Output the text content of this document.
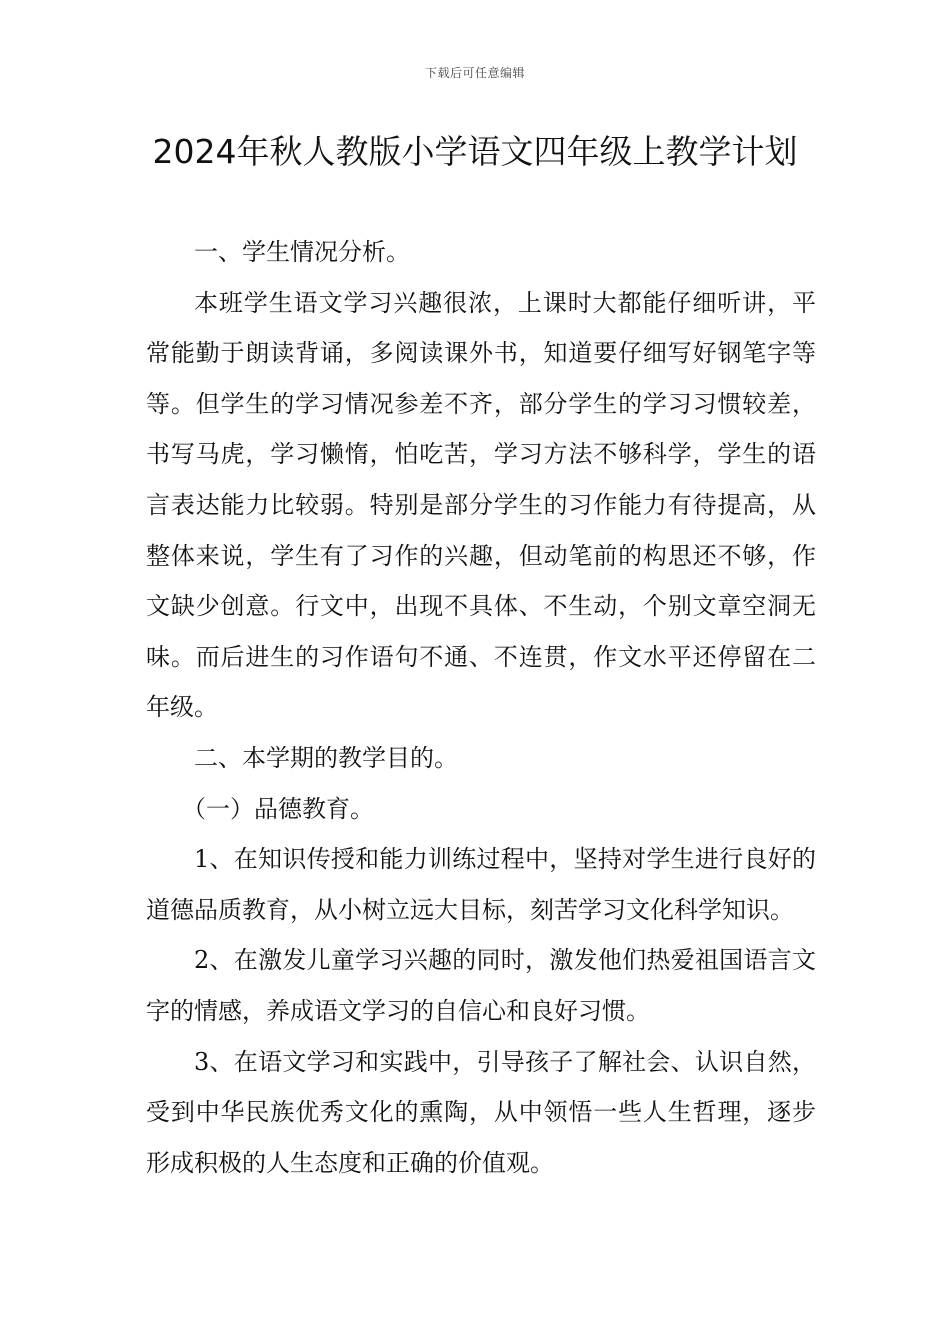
下载后可任意编辑
2024年秋人教版小学语文四年级上教学计划

一、学生情况分析。

本班学生语文学习兴趣很浓，上课时大都能仔细听讲，平常能勤于朗读背诵，多阅读课外书，知道要仔细写好钢笔字等等。但学生的学习情况参差不齐，部分学生的学习习惯较差，书写马虎，学习懒惰，怕吃苦，学习方法不够科学，学生的语言表达能力比较弱。特别是部分学生的习作能力有待提高，从整体来说，学生有了习作的兴趣，但动笔前的构思还不够，作文缺少创意。行文中，出现不具体、不生动，个别文章空洞无味。而后进生的习作语句不通、不连贯，作文水平还停留在二年级。

二、本学期的教学目的。

（一）品德教育。

1、在知识传授和能力训练过程中，坚持对学生进行良好的道德品质教育，从小树立远大目标，刻苦学习文化科学知识。

2、在激发儿童学习兴趣的同时，激发他们热爱祖国语言文字的情感，养成语文学习的自信心和良好习惯。

3、在语文学习和实践中，引导孩子了解社会、认识自然，受到中华民族优秀文化的熏陶，从中领悟一些人生哲理，逐步形成积极的人生态度和正确的价值观。
